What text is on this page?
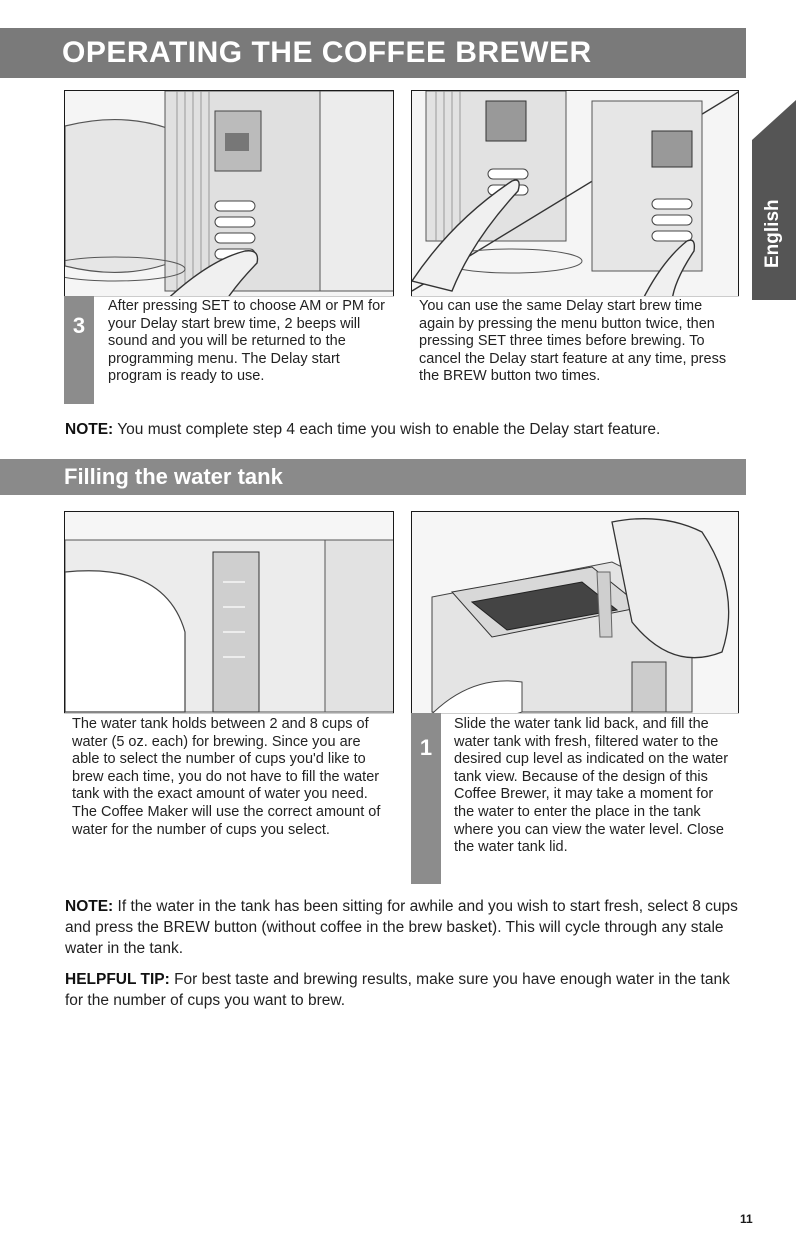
OPERATING THE COFFEE BREWER
English
3
After pressing SET to choose AM or PM for your Delay start brew time, 2 beeps will sound and you will be returned to the programming menu. The Delay start program is ready to use.
You can use the same Delay start brew time again by pressing the menu button twice, then pressing SET three times before brewing. To cancel the Delay start feature at any time, press the BREW button two times.
NOTE: You must complete step 4 each time you wish to enable the Delay start feature.
Filling the water tank
The water tank holds between 2 and 8 cups of water (5 oz. each) for brewing. Since you are able to select the number of cups you'd like to brew each time, you do not have to fill the water tank with the exact amount of water you need. The Coffee Maker will use the correct amount of water for the number of cups you select.
1
Slide the water tank lid back, and fill the water tank with fresh, filtered water to the desired cup level as indicated on the water tank view. Because of the design of this Coffee Brewer, it may take a moment for the water to enter the place in the tank where you can view the water level. Close the water tank lid.
NOTE: If the water in the tank has been sitting for awhile and you wish to start fresh, select 8 cups and press the BREW button (without coffee in the brew basket). This will cycle through any stale water in the tank.
HELPFUL TIP: For best taste and brewing results, make sure you have enough water in the tank for the number of cups you want to brew.
11
